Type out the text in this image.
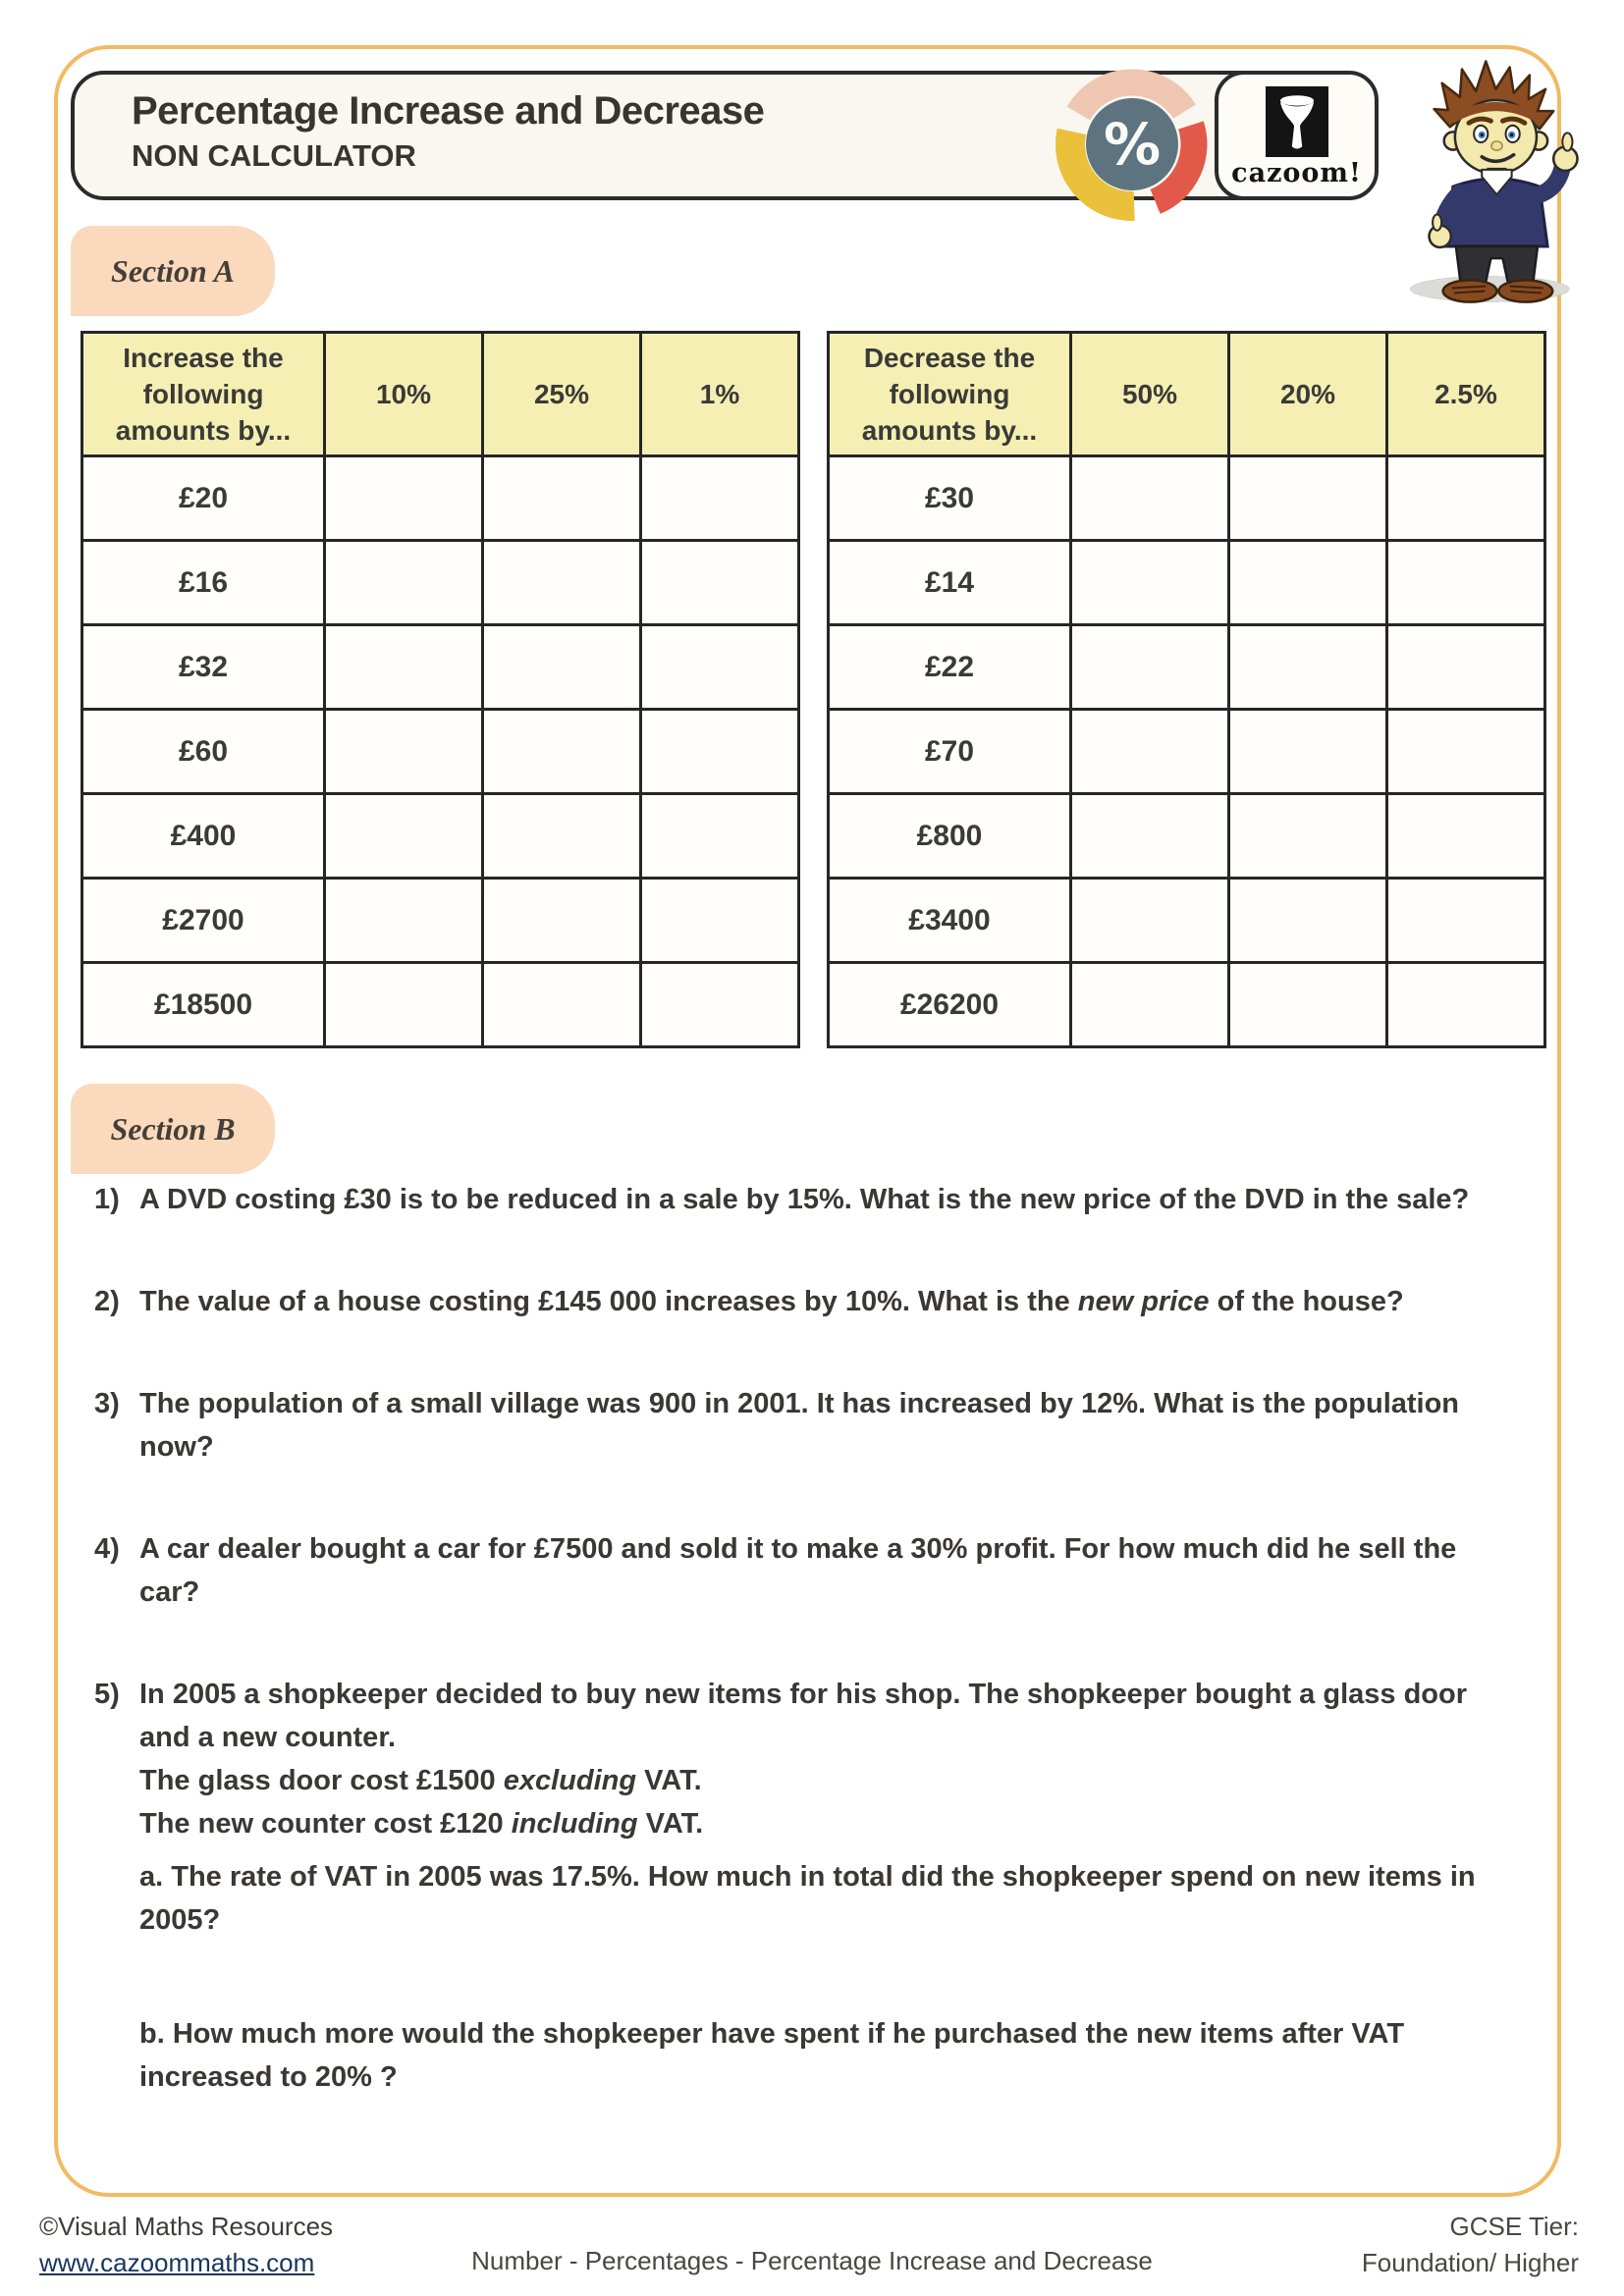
Percentage Increase and Decrease
NON CALCULATOR	%	cazoom!
Section A
Increase the following amounts by...	10%	25%	1%
£20			
£16			
£32			
£60			
£400			
£2700			
£18500			
Decrease the following amounts by...	50%	20%	2.5%
£30			
£14			
£22			
£70			
£800			
£3400			
£26200			
Section B
1) A DVD costing £30 is to be reduced in a sale by 15%. What is the new price of the DVD in the sale?

2) The value of a house costing £145 000 increases by 10%. What is the new price of the house?

3) The population of a small village was 900 in 2001. It has increased by 12%. What is the population now?

4) A car dealer bought a car for £7500 and sold it to make a 30% profit. For how much did he sell the car?

5) In 2005 a shopkeeper decided to buy new items for his shop. The shopkeeper bought a glass door and a new counter.

The glass door cost £1500 excluding VAT.

The new counter cost £120 including VAT.

a. The rate of VAT in 2005 was 17.5%. How much in total did the shopkeeper spend on new items in 2005?

b. How much more would the shopkeeper have spent if he purchased the new items after VAT increased to 20% ?

©Visual Maths Resources
www.cazoommaths.com	Number - Percentages - Percentage Increase and Decrease
GCSE Tier:
Foundation/ Higher
